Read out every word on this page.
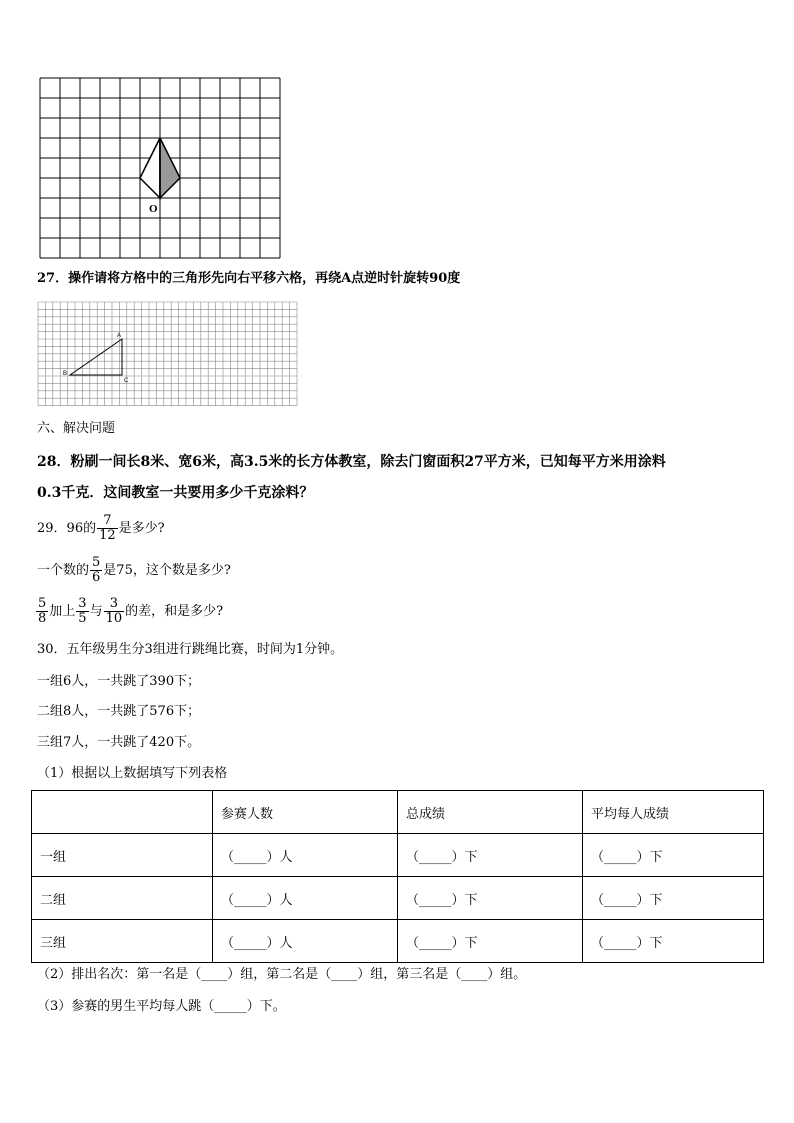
O
27．操作请将方格中的三角形先向右平移六格，再绕A点逆时针旋转90度
A
B
C
六、解决问题
28．粉刷一间长8米、宽6米，高3.5米的长方体教室，除去门窗面积27平方米，已知每平方米用涂料
0.3千克．这间教室一共要用多少千克涂料？
29．96的 $\frac{7}{12}$ 是多少?
一个数的 $\frac{5}{6}$ 是75，这个数是多少?
$\frac{5}{8}$ 加上 $\frac{3}{5}$ 与 $\frac{3}{10}$ 的差，和是多少?
30．五年级男生分3组进行跳绳比赛，时间为1分钟。
一组6人，一共跳了390下；
二组8人，一共跳了576下；
三组7人，一共跳了420下。
（1）根据以上数据填写下列表格
	参赛人数	总成绩	平均每人成绩
一组	（_____）人	（_____）下	（_____）下
二组	（_____）人	（_____）下	（_____）下
三组	（_____）人	（_____）下	（_____）下
（2）排出名次：第一名是（____）组，第二名是（____）组，第三名是（____）组。
（3）参赛的男生平均每人跳（_____）下。
